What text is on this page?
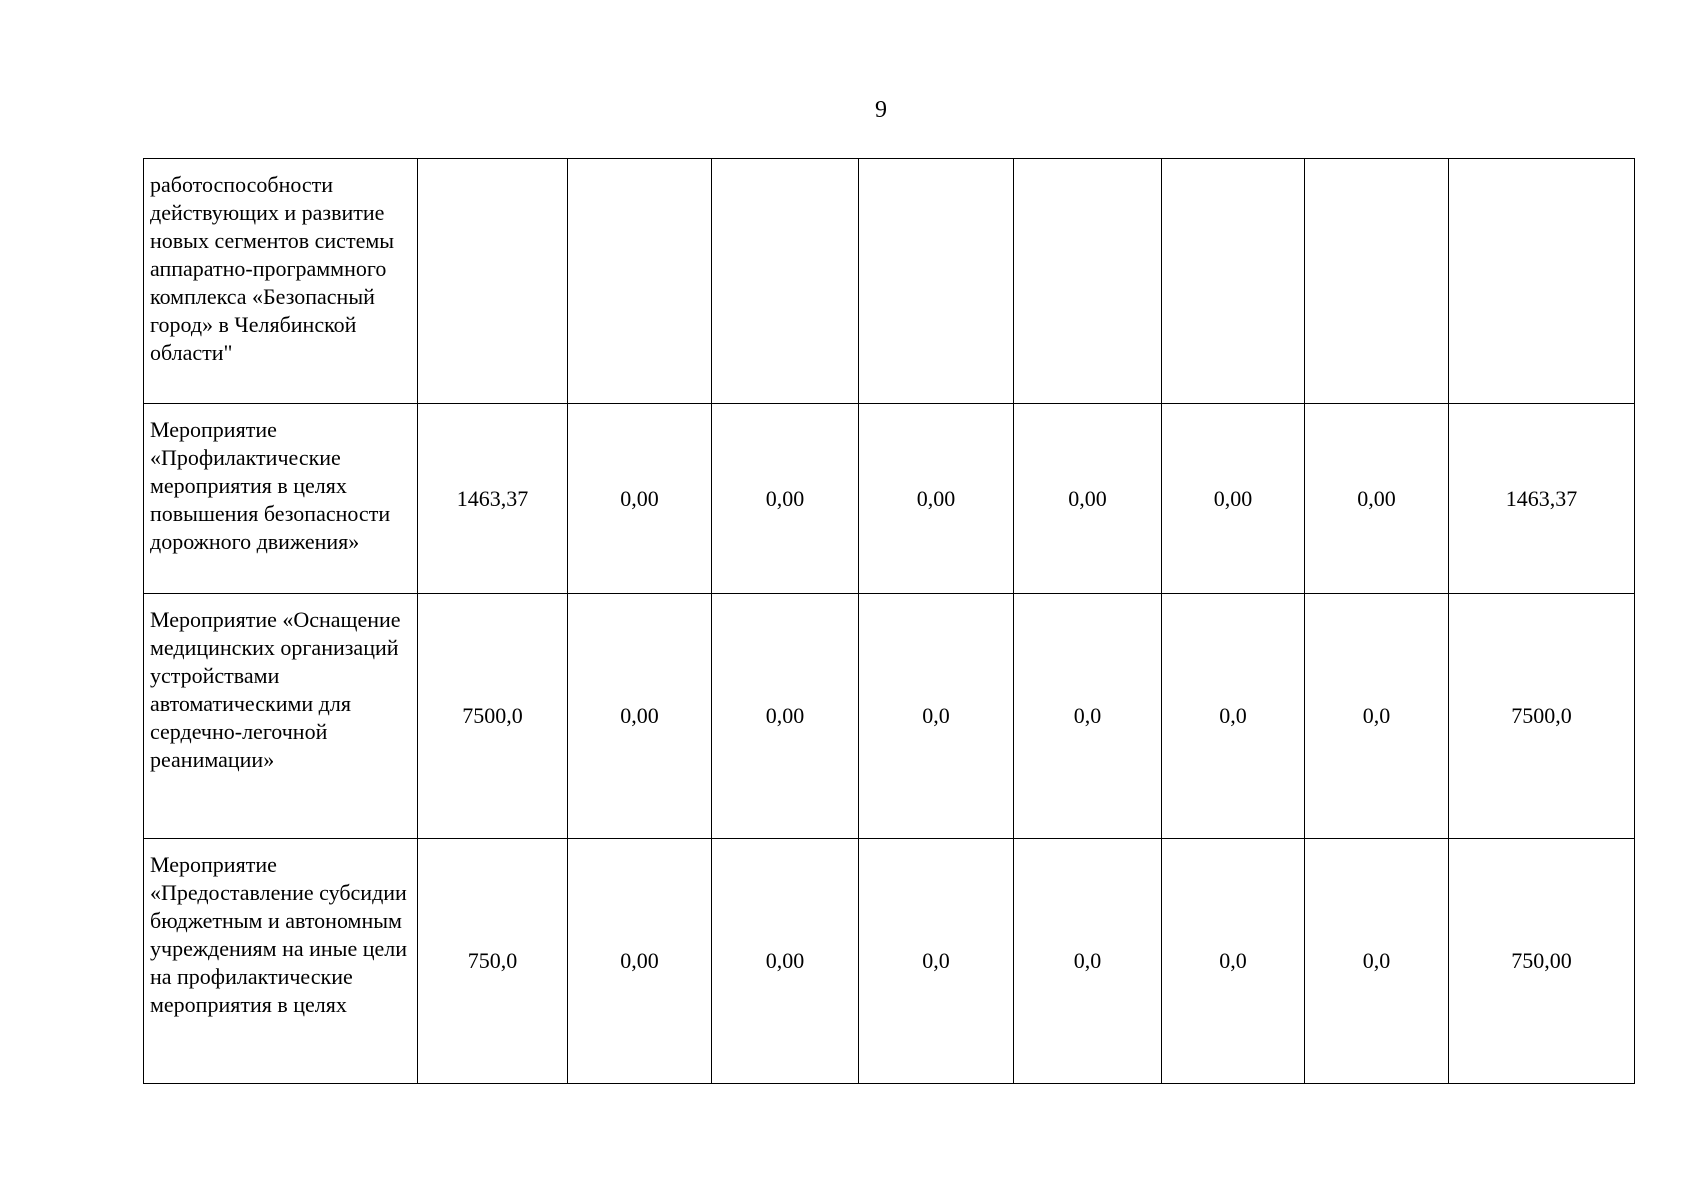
9
работоспособности действующих и развитие новых сегментов системы аппаратно-программного комплекса «Безопасный город» в Челябинской области"								
Мероприятие «Профилактические мероприятия в целях повышения безопасности дорожного движения»	1463,37	0,00	0,00	0,00	0,00	0,00	0,00	1463,37
Мероприятие «Оснащение медицинских организаций устройствами автоматическими для сердечно-легочной реанимации»	7500,0	0,00	0,00	0,0	0,0	0,0	0,0	7500,0
Мероприятие «Предоставление субсидии бюджетным и автономным учреждениям на иные цели на профилактические мероприятия в целях	750,0	0,00	0,00	0,0	0,0	0,0	0,0	750,00
